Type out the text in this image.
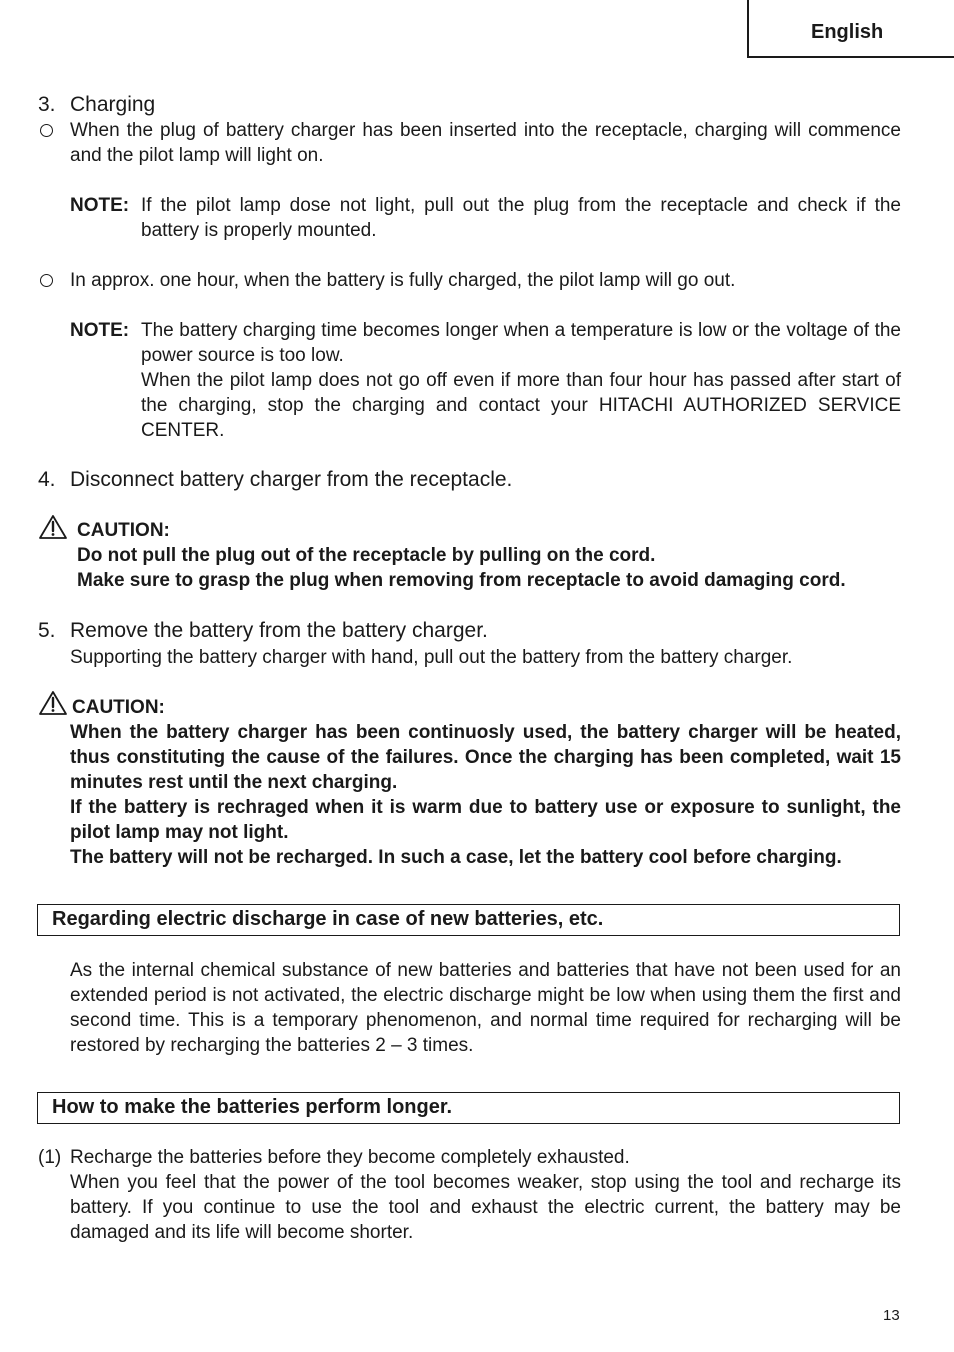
English
3. Charging
When the plug of battery charger has been inserted into the receptacle, charging will commence and the pilot lamp will light on.
NOTE: If the pilot lamp dose not light, pull out the plug from the receptacle and check if the battery is properly mounted.
In approx. one hour, when the battery is fully charged, the pilot lamp will go out.
NOTE: The battery charging time becomes longer when a temperature is low or the voltage of the power source is too low.
When the pilot lamp does not go off even if more than four hour has passed after start of the charging, stop the charging and contact your HITACHI AUTHORIZED SERVICE CENTER.
4. Disconnect battery charger from the receptacle.
CAUTION:
Do not pull the plug out of the receptacle by pulling on the cord.
Make sure to grasp the plug when removing from receptacle to avoid damaging cord.
5. Remove the battery from the battery charger.
Supporting the battery charger with hand, pull out the battery from the battery charger.
CAUTION:
When the battery charger has been continuosly used, the battery charger will be heated, thus constituting the cause of the failures. Once the charging has been completed, wait 15 minutes rest until the next charging.
If the battery is rechraged when it is warm due to battery use or exposure to sunlight, the pilot lamp may not light.
The battery will not be recharged. In such a case, let the battery cool before charging.
Regarding electric discharge in case of new batteries, etc.
As the internal chemical substance of new batteries and batteries that have not been used for an extended period is not activated, the electric discharge might be low when using them the first and second time. This is a temporary phenomenon, and normal time required for recharging will be restored by recharging the batteries 2 – 3 times.
How to make the batteries perform longer.
(1) Recharge the batteries before they become completely exhausted.
When you feel that the power of the tool becomes weaker, stop using the tool and recharge its battery. If you continue to use the tool and exhaust the electric current, the battery may be damaged and its life will become shorter.
13
